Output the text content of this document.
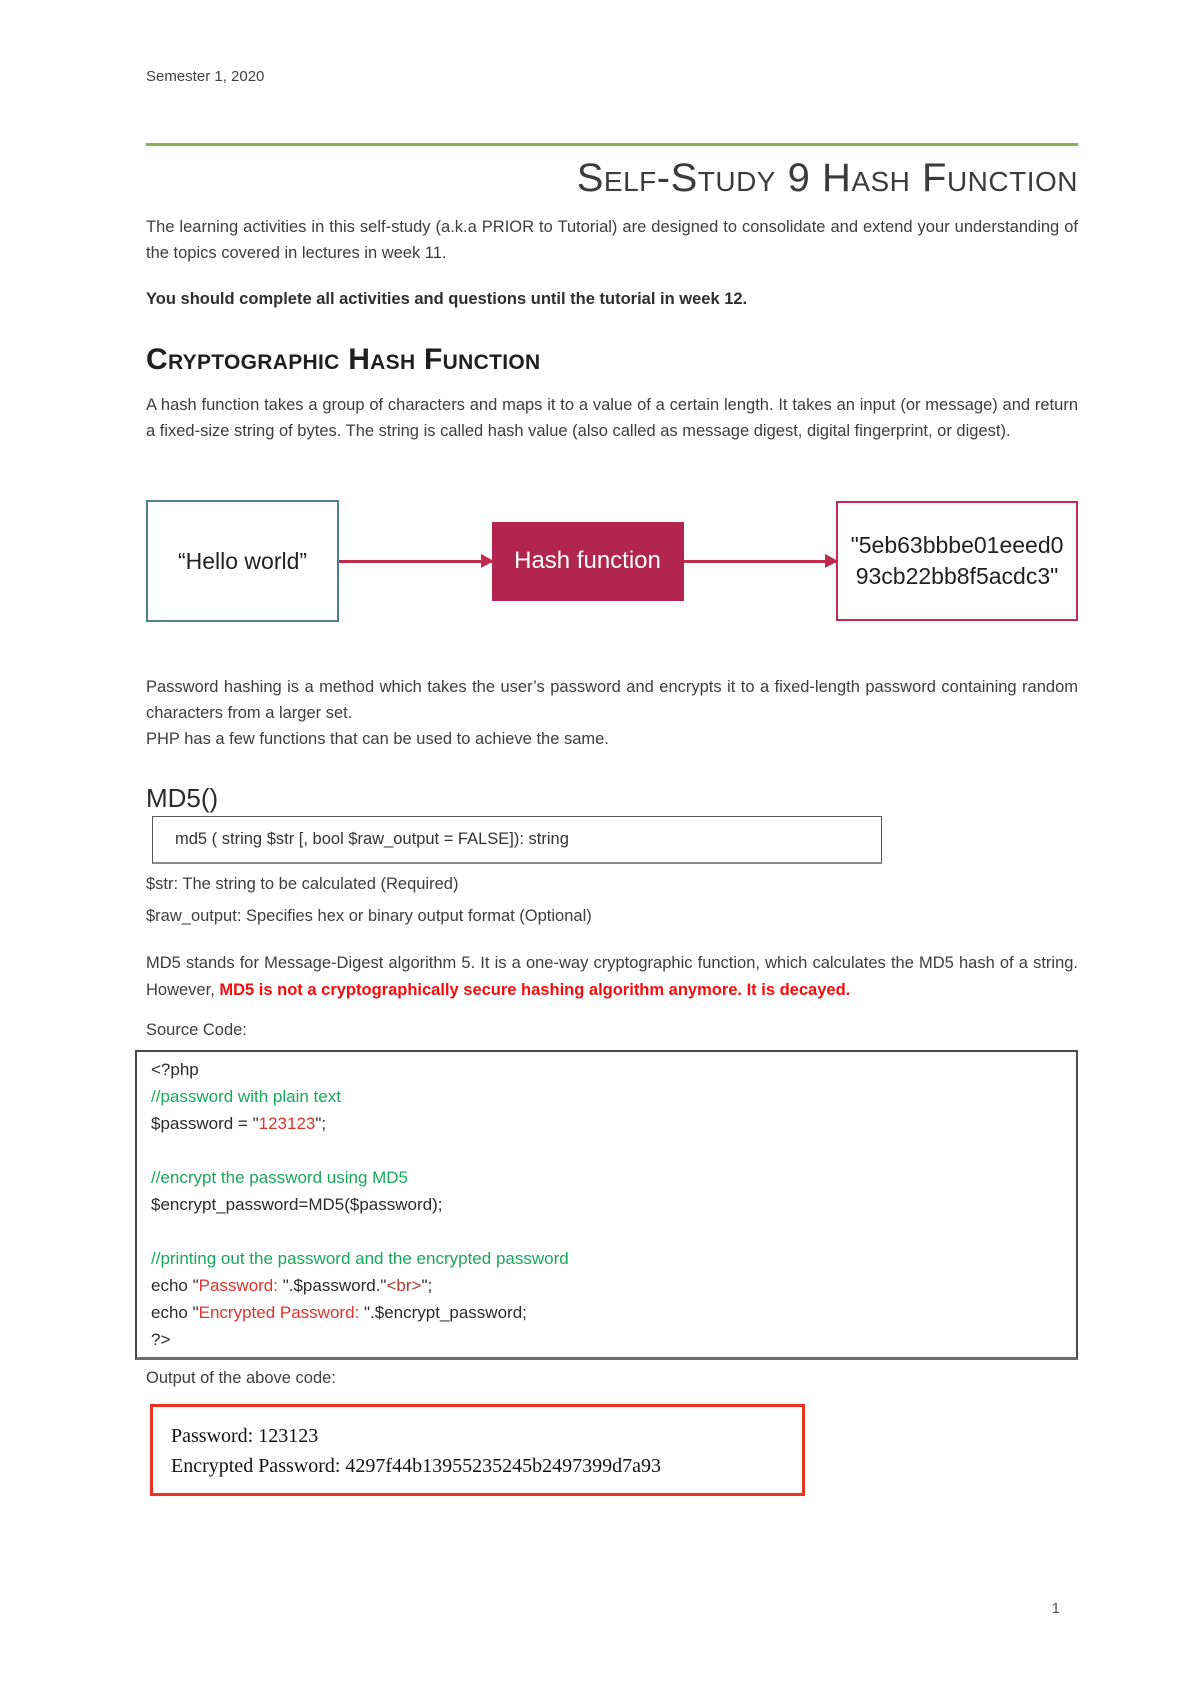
Semester 1, 2020
Self-Study 9 Hash Function

The learning activities in this self-study (a.k.a PRIOR to Tutorial) are designed to consolidate and extend your understanding of the topics covered in lectures in week 11.

You should complete all activities and questions until the tutorial in week 12.

Cryptographic Hash Function

A hash function takes a group of characters and maps it to a value of a certain length. It takes an input (or message) and return a fixed-size string of bytes. The string is called hash value (also called as message digest, digital fingerprint, or digest).

“Hello world”	Hash function
"5eb63bbbe01eeed0
93cb22bb8f5acdc3"

Password hashing is a method which takes the user’s password and encrypts it to a fixed-length password containing random characters from a larger set.

PHP has a few functions that can be used to achieve the same.

MD5()
md5 ( string $str [, bool $raw_output = FALSE]): string
$str: The string to be calculated (Required)
$raw_output: Specifies hex or binary output format (Optional)

MD5 stands for Message-Digest algorithm 5. It is a one-way cryptographic function, which calculates the MD5 hash of a string. However, MD5 is not a cryptographically secure hashing algorithm anymore. It is decayed.

Source Code:
<?php
//password with plain text
$password = "123123";

//encrypt the password using MD5
$encrypt_password=MD5($password);

//printing out the password and the encrypted password
echo "Password: ".$password."<br>";
echo "Encrypted Password: ".$encrypt_password;
?>
Output of the above code:
Password: 123123
Encrypted Password: 4297f44b13955235245b2497399d7a93
1
